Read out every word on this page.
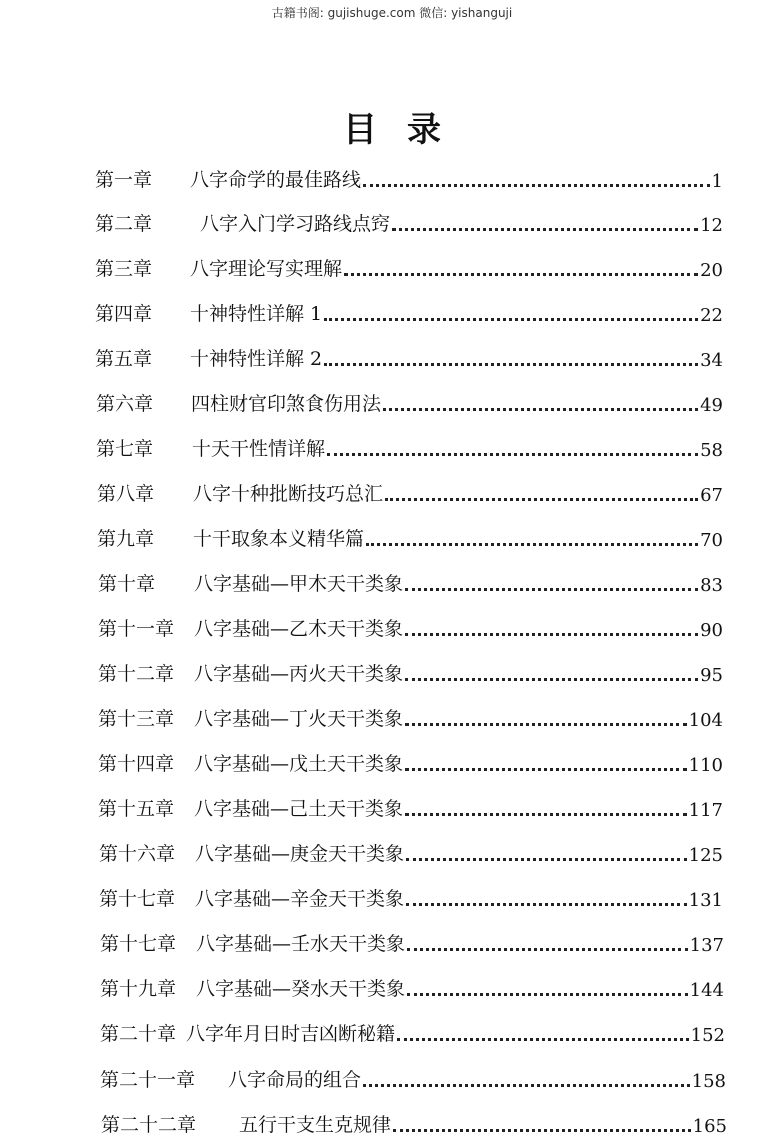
古籍书阁: gujishuge.com 微信: yishanguji
目录
第一章	八字命学的最佳路线	1
第二章	八字入门学习路线点窍	12
第三章	八字理论写实理解	20
第四章	十神特性详解 1	22
第五章	十神特性详解 2	34
第六章	四柱财官印煞食伤用法	49
第七章	十天干性情详解	58
第八章	八字十种批断技巧总汇	67
第九章	十干取象本义精华篇	70
第十章	八字基础—甲木天干类象	83
第十一章	八字基础—乙木天干类象	90
第十二章	八字基础—丙火天干类象	95
第十三章	八字基础—丁火天干类象	104
第十四章	八字基础—戊土天干类象	110
第十五章	八字基础—己土天干类象	117
第十六章	八字基础—庚金天干类象	125
第十七章	八字基础—辛金天干类象	131
第十七章	八字基础—壬水天干类象	137
第十九章	八字基础—癸水天干类象	144
第二十章 八字年月日时吉凶断秘籍	152
第二十一章	八字命局的组合	158
第二十二章	五行干支生克规律	165
